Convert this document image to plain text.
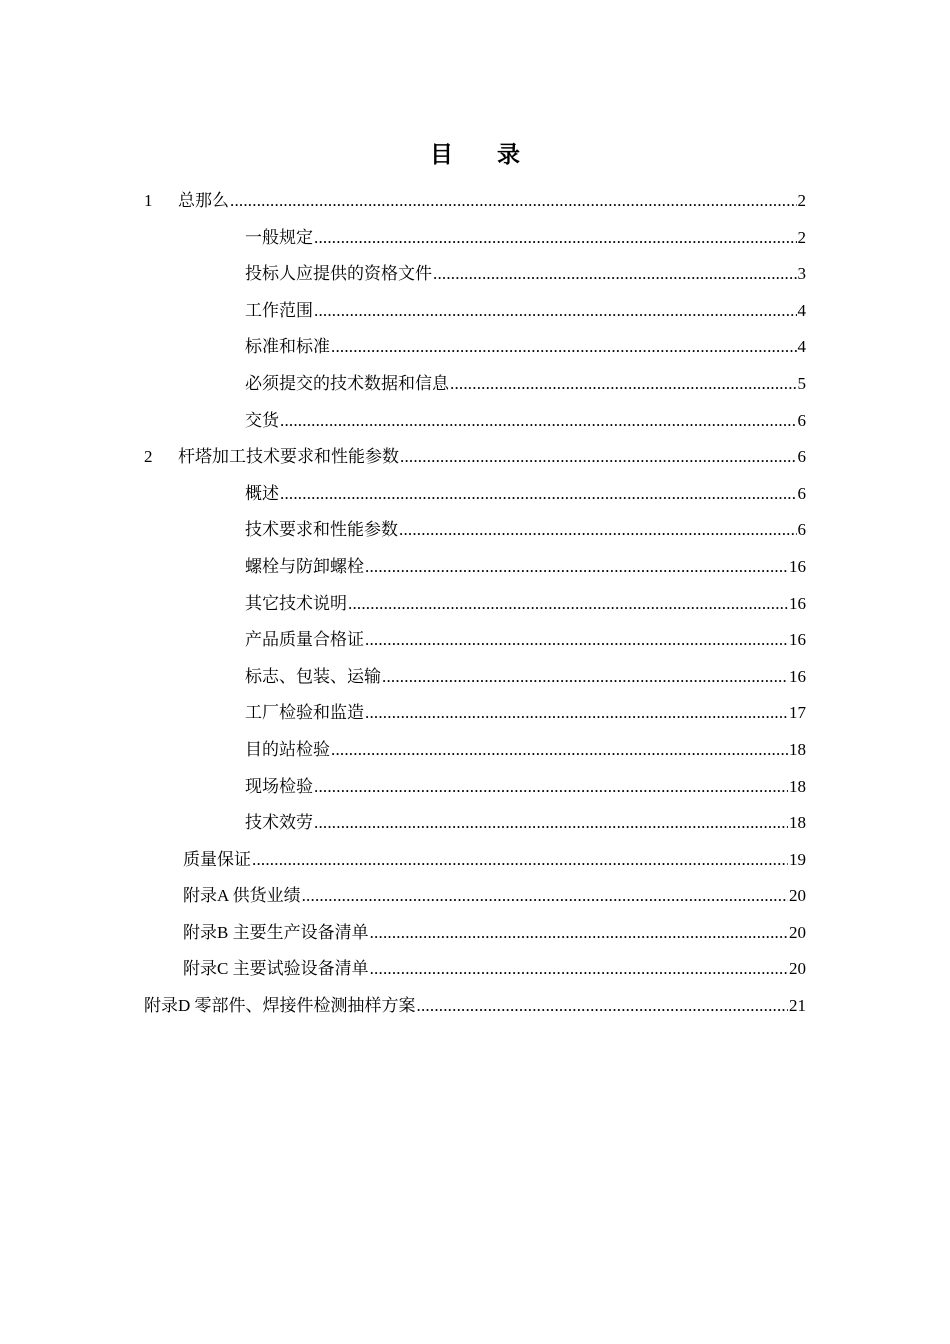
目 录
1 总那么 .....	2
一般规定 .....	2
投标人应提供的资格文件 .....	3
工作范围 .....	4
标准和标准 .....	4
必须提交的技术数据和信息 .....	5
交货 .....	6
2 杆塔加工技术要求和性能参数 .....	6
概述 .....	6
技术要求和性能参数 .....	6
螺栓与防卸螺栓 .....	16
其它技术说明 .....	16
产品质量合格证 .....	16
标志、包装、运输 .....	16
工厂检验和监造 .....	17
目的站检验 .....	18
现场检验 .....	18
技术效劳 .....	18
质量保证 .....	19
附录A 供货业绩 .....	20
附录B 主要生产设备清单 .....	20
附录C 主要试验设备清单 .....	20
附录D 零部件、焊接件检测抽样方案 .....	21
